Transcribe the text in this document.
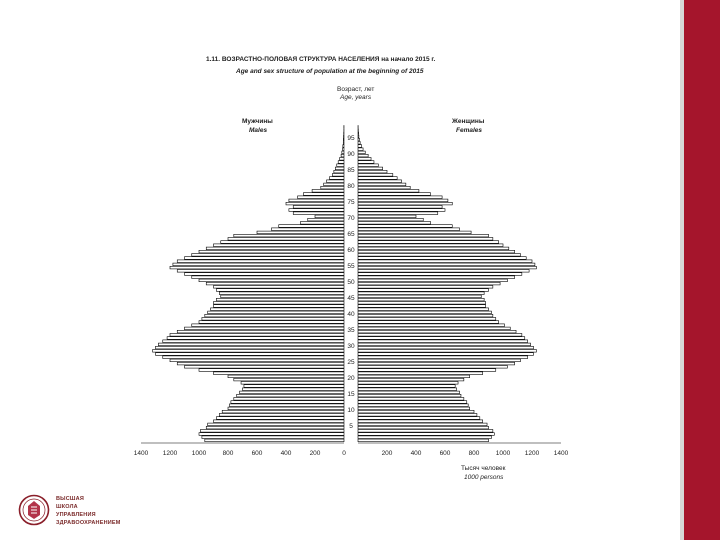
1.11. ВОЗРАСТНО-ПОЛОВАЯ СТРУКТУРА НАСЕЛЕНИЯ на начало 2015 г.
Age and sex structure of population at the beginning of 2015
Возраст, лет
Age, years
Мужчины
Males
Женщины
Females
5
10
15
20
25
30
35
40
45
50
55
60
65
70
75
80
85
90
95
1400 1200 1000	800	600	400	200	0	200	400	600	800	1000 1200 1400
Тысяч человек
1000 persons
ВЫСШАЯ
ШКОЛА
УПРАВЛЕНИЯ
ЗДРАВООХРАНЕНИЕМ
